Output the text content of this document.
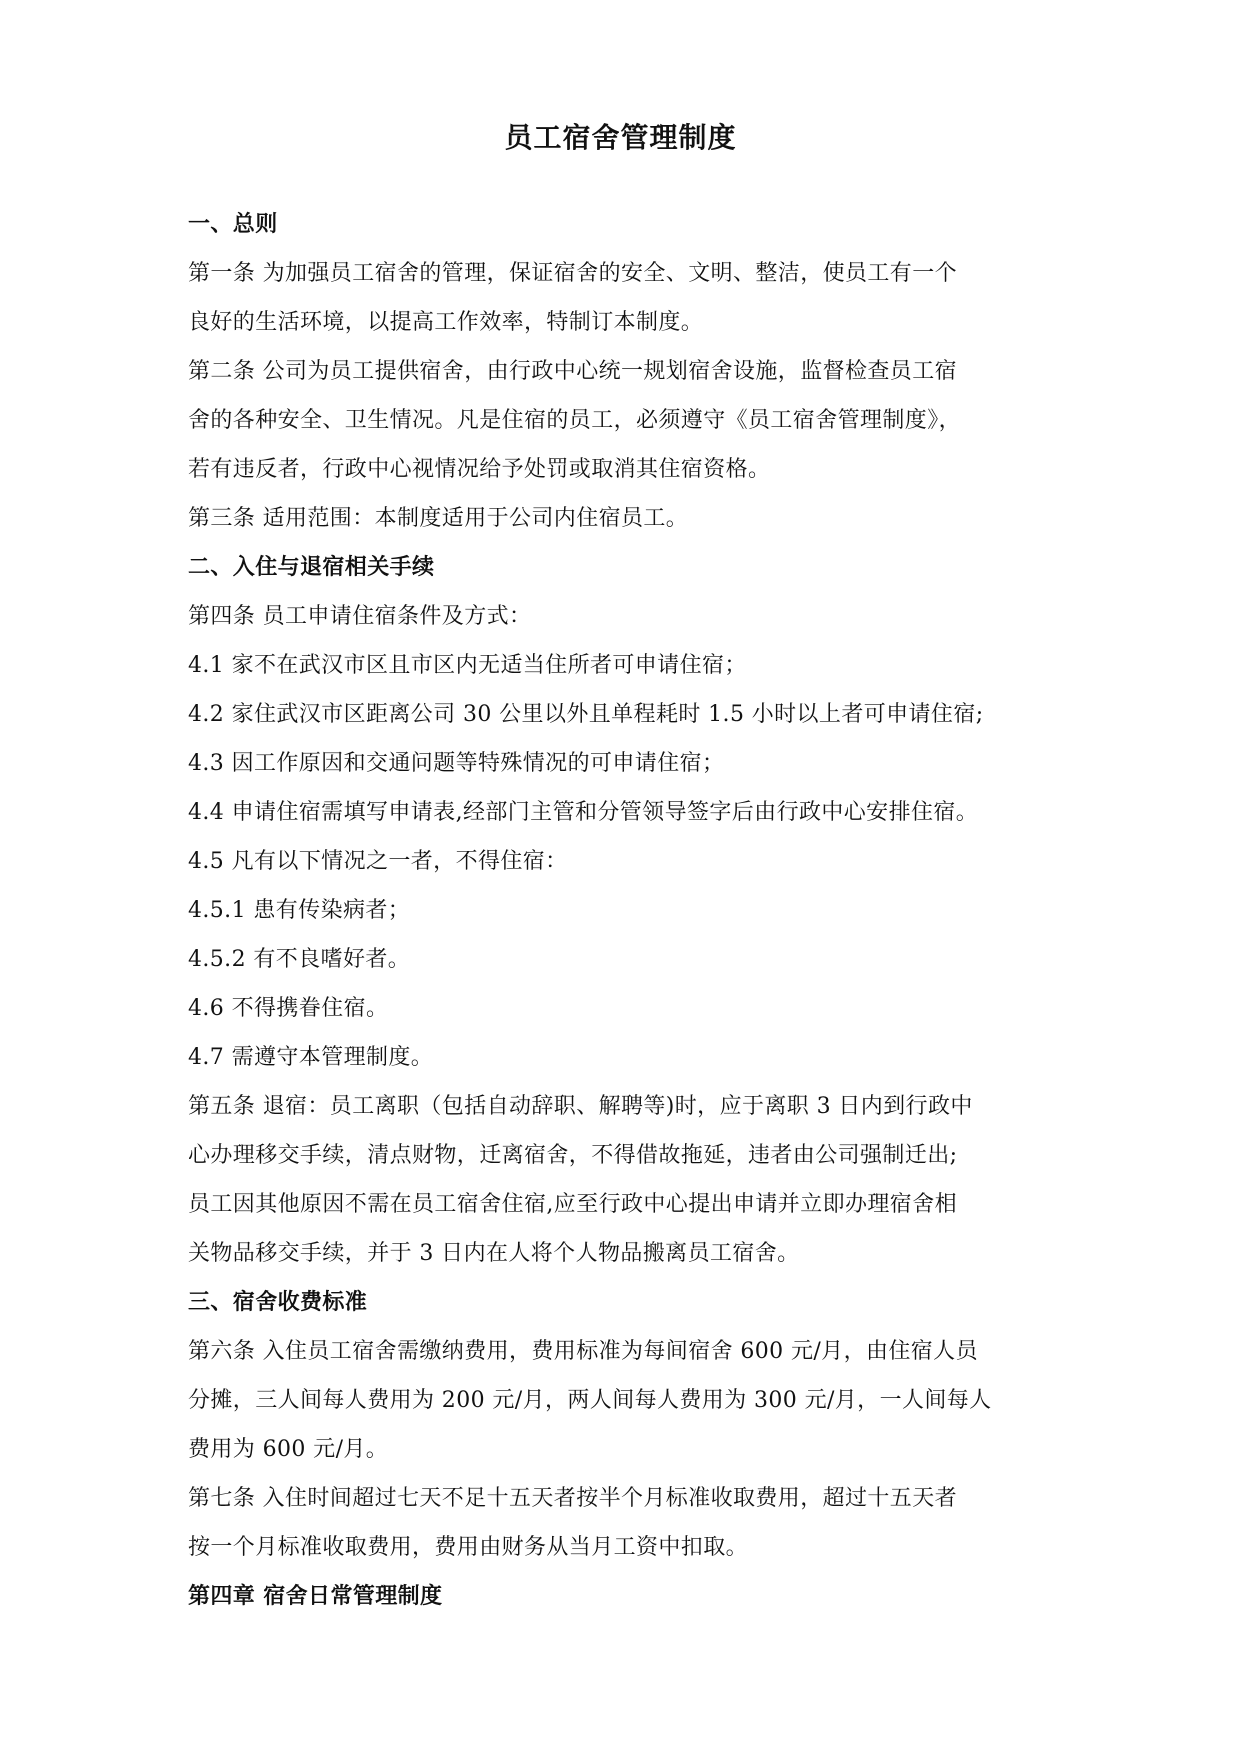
员工宿舍管理制度
一、总则
第一条 为加强员工宿舍的管理，保证宿舍的安全、文明、整洁，使员工有一个
良好的生活环境，以提高工作效率，特制订本制度。
第二条 公司为员工提供宿舍，由行政中心统一规划宿舍设施，监督检查员工宿
舍的各种安全、卫生情况。凡是住宿的员工，必须遵守《员工宿舍管理制度》，
若有违反者，行政中心视情况给予处罚或取消其住宿资格。
第三条 适用范围：本制度适用于公司内住宿员工。
二、入住与退宿相关手续
第四条 员工申请住宿条件及方式：
4.1 家不在武汉市区且市区内无适当住所者可申请住宿；
4.2 家住武汉市区距离公司 30 公里以外且单程耗时 1.5 小时以上者可申请住宿;
4.3 因工作原因和交通问题等特殊情况的可申请住宿；
4.4 申请住宿需填写申请表,经部门主管和分管领导签字后由行政中心安排住宿。
4.5 凡有以下情况之一者，不得住宿：
4.5.1 患有传染病者；
4.5.2 有不良嗜好者。
4.6 不得携眷住宿。
4.7 需遵守本管理制度。
第五条 退宿：员工离职（包括自动辞职、解聘等)时，应于离职 3 日内到行政中
心办理移交手续，清点财物，迁离宿舍，不得借故拖延，违者由公司强制迁出;
员工因其他原因不需在员工宿舍住宿,应至行政中心提出申请并立即办理宿舍相
关物品移交手续，并于 3 日内在人将个人物品搬离员工宿舍。
三、宿舍收费标准
第六条 入住员工宿舍需缴纳费用，费用标准为每间宿舍 600 元/月，由住宿人员
分摊，三人间每人费用为 200 元/月，两人间每人费用为 300 元/月，一人间每人
费用为 600 元/月。
第七条 入住时间超过七天不足十五天者按半个月标准收取费用，超过十五天者
按一个月标准收取费用，费用由财务从当月工资中扣取。
第四章 宿舍日常管理制度
